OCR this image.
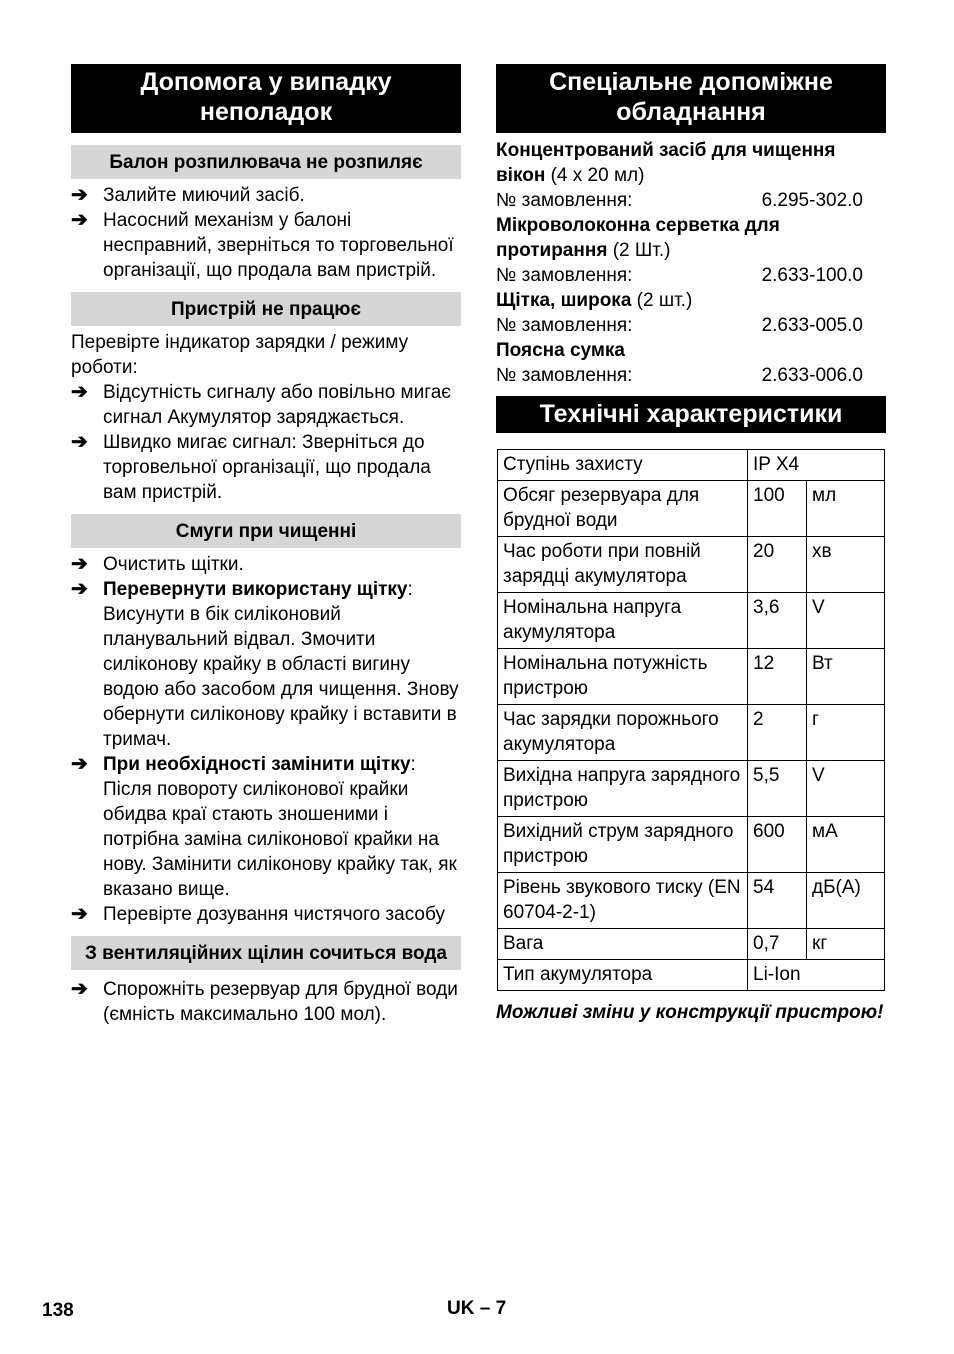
Допомога у випадку неполадок
Балон розпилювача не розпиляє
➔ Залийте миючий засіб.
➔ Насосний механізм у балоні несправний, зверніться то торговельної організації, що продала вам пристрій.
Пристрій не працює

Перевірте індикатор зарядки / режиму роботи:

➔ Відсутність сигналу або повільно мигає сигнал Акумулятор заряджається.
➔ Швидко мигає сигнал: Зверніться до торговельної організації, що продала вам пристрій.
Смуги при чищенні
➔ Очистить щітки.
➔ Перевернути використану щітку: Висунути в бік силіконовий планувальний відвал. Змочити силіконову крайку в області вигину водою або засобом для чищення. Знову обернути силіконову крайку і вставити в тримач.
➔ При необхідності замінити щітку: Після повороту силіконової крайки обидва краї стають зношеними і потрібна заміна силіконової крайки на нову. Замінити силіконову крайку так, як вказано вище.
➔ Перевірте дозування чистячого засобу
З вентиляційних щілин сочиться вода
➔ Спорожніть резервуар для брудної води (ємність максимально 100 мол).
Спеціальне допоміжне обладнання

Концентрований засіб для чищення вікон (4 x 20 мл)

№ замовлення:	6.295-302.0

Мікроволоконна серветка для протирання (2 Шт.)

№ замовлення:	2.633-100.0

Щітка, широка (2 шт.)

№ замовлення:	2.633-005.0

Поясна сумка

№ замовлення:	2.633-006.0
Технічні характеристики
Ступінь захисту	IP X4	
Обсяг резервуара для брудної води	100	мл
Час роботи при повній зарядці акумулятора	20	хв
Номінальна напруга акумулятора	3,6	V
Номінальна потужність пристрою	12	Вт
Час зарядки порожнього акумулятора	2	г
Вихідна напруга зарядного пристрою	5,5	V
Вихідний струм зарядного пристрою	600	мА
Рівень звукового тиску (EN 60704-2-1)	54	дБ(A)
Вага	0,7	кг
Тип акумулятора	Li-Ion	

Можливі зміни у конструкції пристрою!

138	UK – 7
